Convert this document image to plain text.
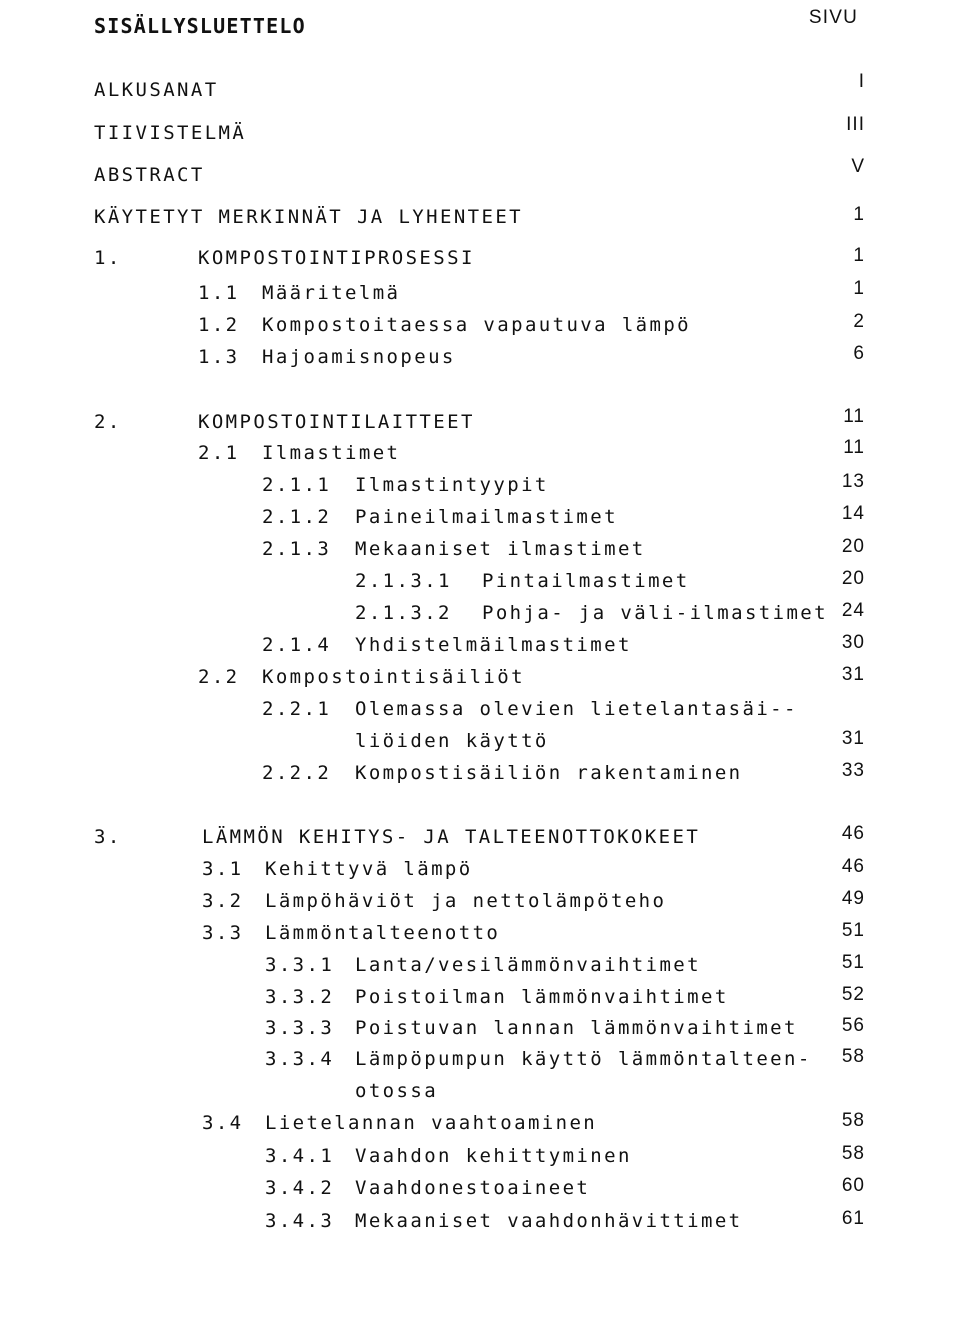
SISÄLLYSLUETTELO	SIVU
ALKUSANAT	I
TIIVISTELMÄ	III
ABSTRACT	V
KÄYTETYT MERKINNÄT JA LYHENTEET	1
1.	KOMPOSTOINTIPROSESSI	1
1.1 Määritelmä	1
1.2 Kompostoitaessa vapautuva lämpö	2
1.3 Hajoamisnopeus	6
2.	KOMPOSTOINTILAITTEET	11
2.1 Ilmastimet	11
2.1.1 Ilmastintyypit	13
2.1.2 Paineilmailmastimet	14
2.1.3 Mekaaniset ilmastimet	20
2.1.3.1 Pintailmastimet	20
2.1.3.2 Pohja- ja väli-ilmastimet 24
2.1.4 Yhdistelmäilmastimet	30
2.2 Kompostointisäiliöt	31
2.2.1 Olemassa olevien lietelantasäi--
liöiden käyttö	31
2.2.2 Kompostisäiliön rakentaminen	33
3.	LÄMMÖN KEHITYS- JA TALTEENOTTOKOKEET	46
3.1 Kehittyvä lämpö	46
3.2 Lämpöhäviöt ja nettolämpöteho	49
3.3 Lämmöntalteenotto	51
3.3.1 Lanta/vesilämmönvaihtimet	51
3.3.2 Poistoilman lämmönvaihtimet	52
3.3.3 Poistuvan lannan lämmönvaihtimet	56
3.3.4 Lämpöpumpun käyttö lämmöntalteen-
otossa
58
3.4 Lietelannan vaahtoaminen	58
3.4.1 Vaahdon kehittyminen	58
3.4.2 Vaahdonestoaineet	60
3.4.3 Mekaaniset vaahdonhävittimet	61
